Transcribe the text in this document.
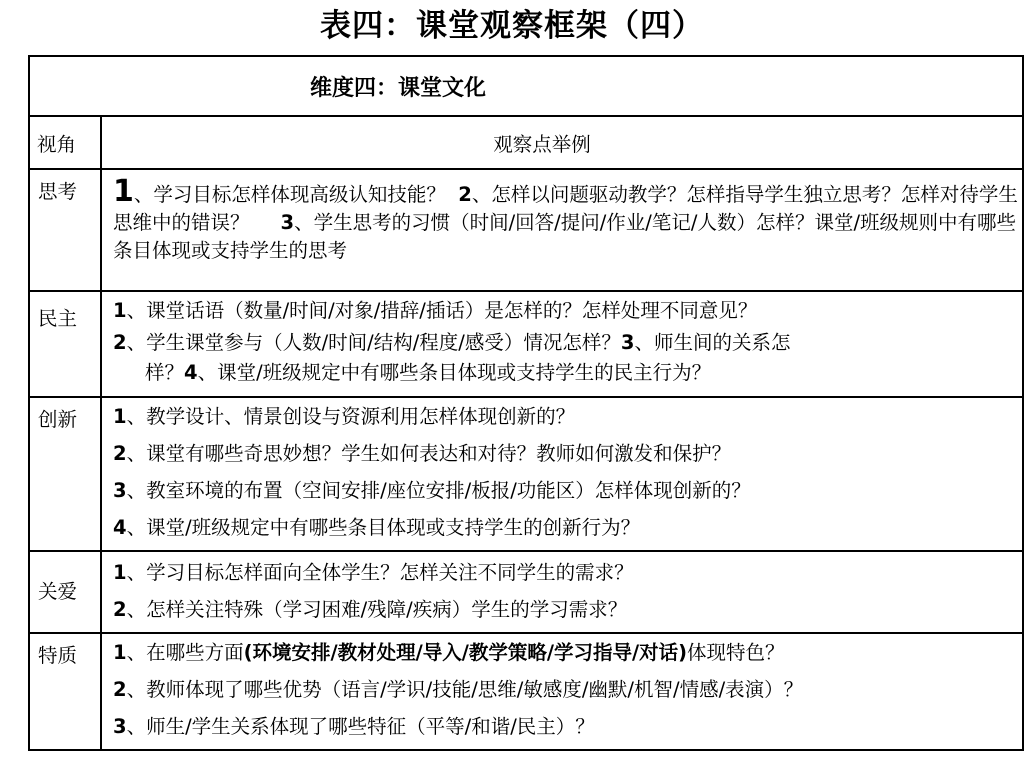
表四：课堂观察框架（四）
维度四：课堂文化	
视角	观察点举例
思考	1、学习目标怎样体现高级认知技能？ 2、怎样以问题驱动教学？怎样指导学生独立思考？怎样对待学生思维中的错误？ 3、学生思考的习惯（时间/回答/提问/作业/笔记/人数）怎样？课堂/班级规则中有哪些条目体现或支持学生的思考

民主	1、课堂话语（数量/时间/对象/措辞/插话）是怎样的？怎样处理不同意见？
2、学生课堂参与（人数/时间/结构/程度/感受）情况怎样？3、师生间的关系怎
样？4、课堂/班级规定中有哪些条目体现或支持学生的民主行为？

创新	1、教学设计、情景创设与资源利用怎样体现创新的？
2、课堂有哪些奇思妙想？学生如何表达和对待？教师如何激发和保护？
3、教室环境的布置（空间安排/座位安排/板报/功能区）怎样体现创新的？
4、课堂/班级规定中有哪些条目体现或支持学生的创新行为？

关爱	1、学习目标怎样面向全体学生？怎样关注不同学生的需求？
2、怎样关注特殊（学习困难/残障/疾病）学生的学习需求？

特质	1、在哪些方面(环境安排/教材处理/导入/教学策略/学习指导/对话)体现特色？
2、教师体现了哪些优势（语言/学识/技能/思维/敏感度/幽默/机智/情感/表演）？
3、师生/学生关系体现了哪些特征（平等/和谐/民主）？
